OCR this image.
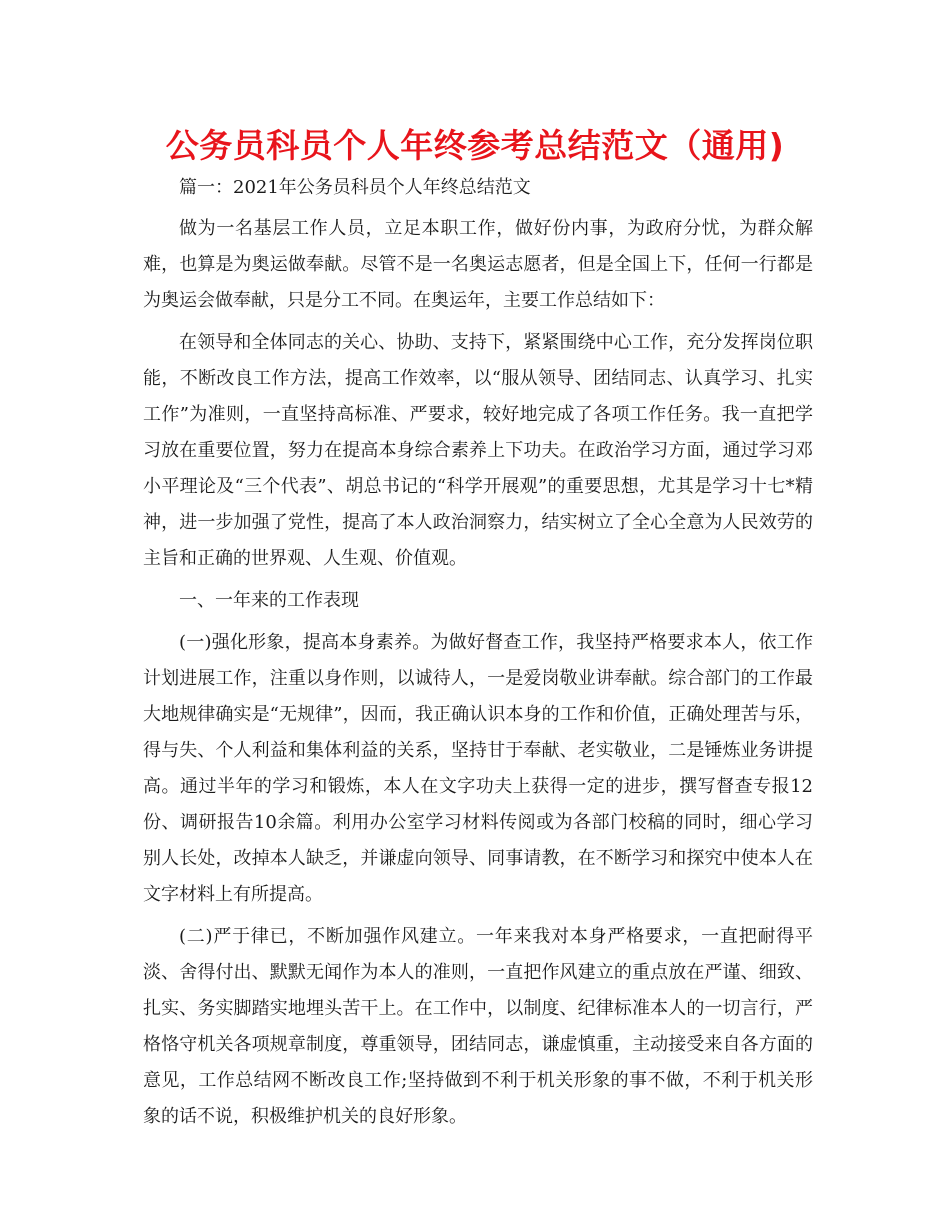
公务员科员个人年终参考总结范文（通用)

篇一：2021年公务员科员个人年终总结范文

做为一名基层工作人员，立足本职工作，做好份内事，为政府分忧，为群众解难，也算是为奥运做奉献。尽管不是一名奥运志愿者，但是全国上下，任何一行都是为奥运会做奉献，只是分工不同。在奥运年，主要工作总结如下：

在领导和全体同志的关心、协助、支持下，紧紧围绕中心工作，充分发挥岗位职能，不断改良工作方法，提高工作效率，以“服从领导、团结同志、认真学习、扎实工作”为准则，一直坚持高标准、严要求，较好地完成了各项工作任务。我一直把学习放在重要位置，努力在提高本身综合素养上下功夫。在政治学习方面，通过学习邓小平理论及“三个代表”、胡总书记的“科学开展观”的重要思想，尤其是学习十七*精神，进一步加强了党性，提高了本人政治洞察力，结实树立了全心全意为人民效劳的主旨和正确的世界观、人生观、价值观。

一、一年来的工作表现

(一)强化形象，提高本身素养。为做好督查工作，我坚持严格要求本人，依工作计划进展工作，注重以身作则，以诚待人，一是爱岗敬业讲奉献。综合部门的工作最大地规律确实是“无规律”，因而，我正确认识本身的工作和价值，正确处理苦与乐，得与失、个人利益和集体利益的关系，坚持甘于奉献、老实敬业，二是锤炼业务讲提高。通过半年的学习和锻炼，本人在文字功夫上获得一定的进步，撰写督查专报12份、调研报告10余篇。利用办公室学习材料传阅或为各部门校稿的同时，细心学习别人长处，改掉本人缺乏，并谦虚向领导、同事请教，在不断学习和探究中使本人在文字材料上有所提高。

(二)严于律已，不断加强作风建立。一年来我对本身严格要求，一直把耐得平淡、舍得付出、默默无闻作为本人的准则，一直把作风建立的重点放在严谨、细致、扎实、务实脚踏实地埋头苦干上。在工作中，以制度、纪律标准本人的一切言行，严格恪守机关各项规章制度，尊重领导，团结同志，谦虚慎重，主动接受来自各方面的意见，工作总结网不断改良工作;坚持做到不利于机关形象的事不做，不利于机关形象的话不说，积极维护机关的良好形象。
